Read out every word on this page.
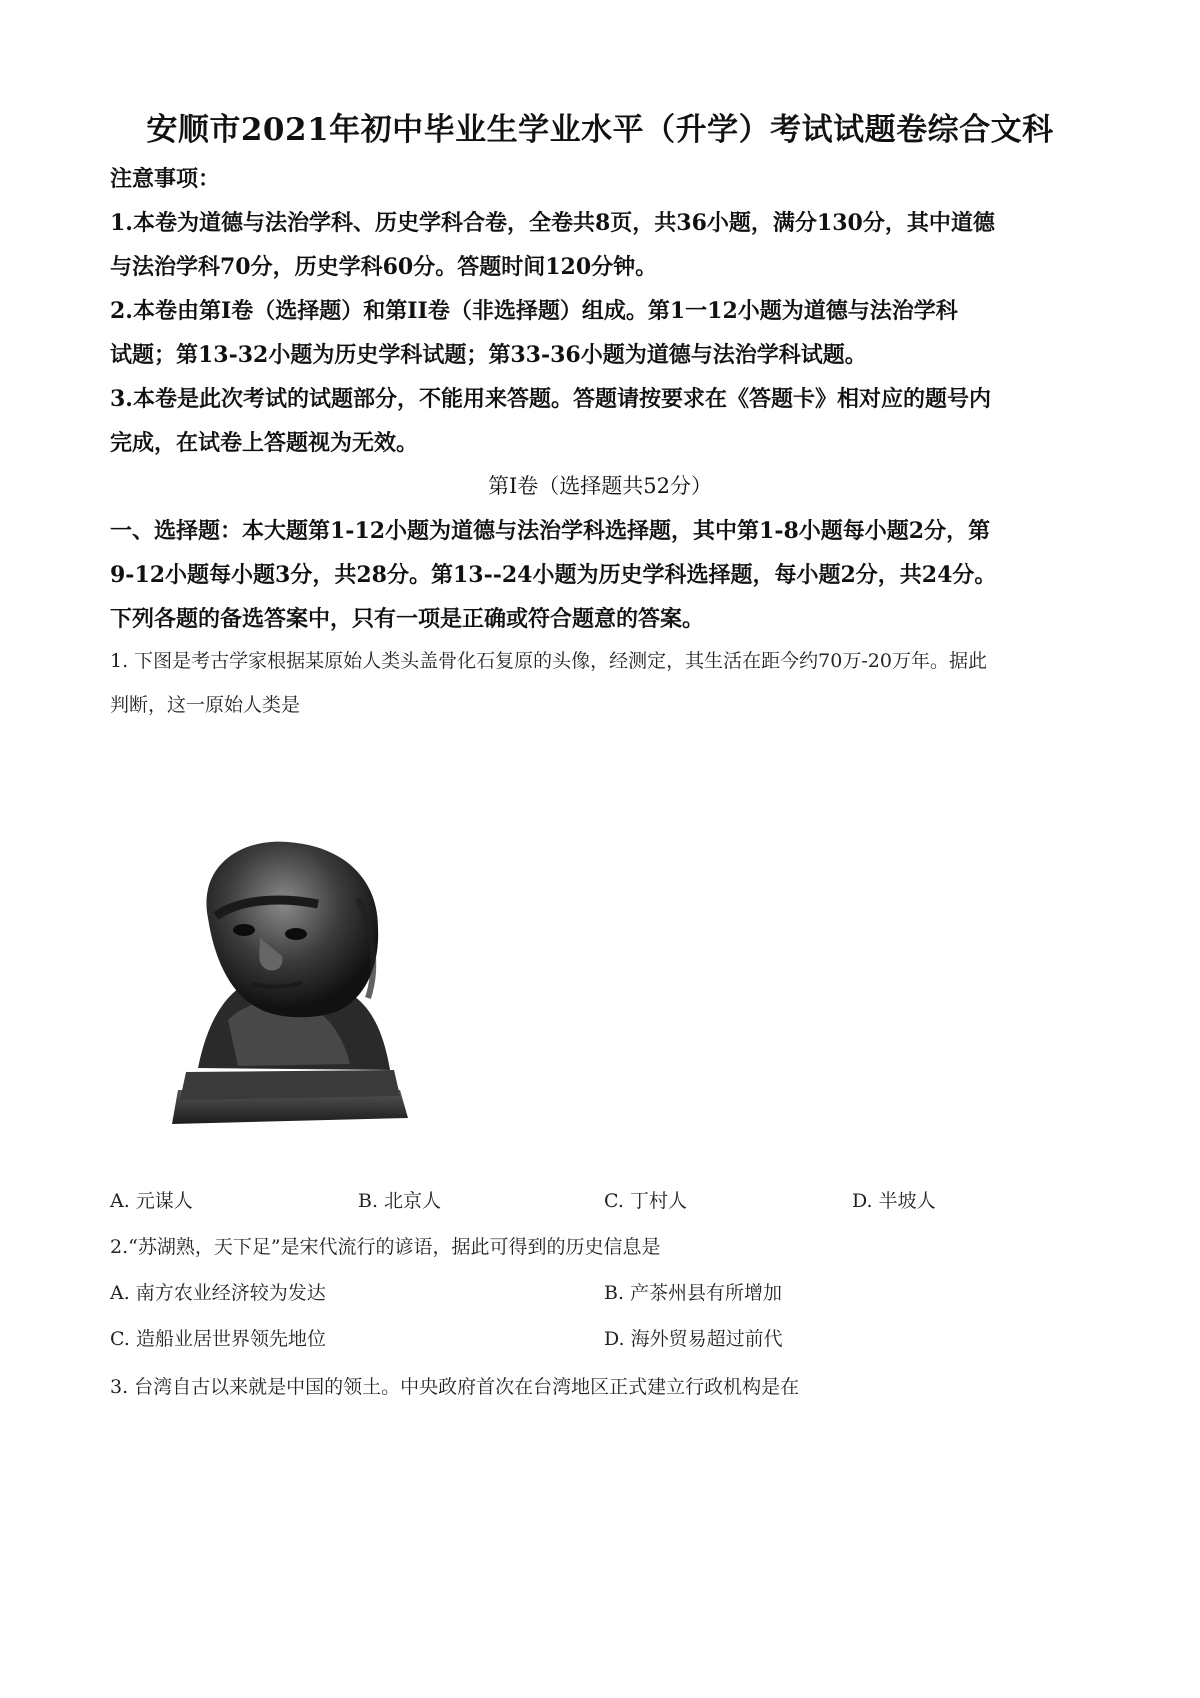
安顺市2021年初中毕业生学业水平（升学）考试试题卷综合文科
注意事项：
1.本卷为道德与法治学科、历史学科合卷，全卷共8页，共36小题，满分130分，其中道德
与法治学科70分，历史学科60分。答题时间120分钟。
2.本卷由第I卷（选择题）和第II卷（非选择题）组成。第1一12小题为道德与法治学科
试题；第13-32小题为历史学科试题；第33-36小题为道德与法治学科试题。
3.本卷是此次考试的试题部分，不能用来答题。答题请按要求在《答题卡》相对应的题号内
完成，在试卷上答题视为无效。
第I卷（选择题共52分）
一、选择题：本大题第1-12小题为道德与法治学科选择题，其中第1-8小题每小题2分，第
9-12小题每小题3分，共28分。第13--24小题为历史学科选择题，每小题2分，共24分。
下列各题的备选答案中，只有一项是正确或符合题意的答案。
1. 下图是考古学家根据某原始人类头盖骨化石复原的头像，经测定，其生活在距今约70万-20万年。据此
判断，这一原始人类是
A. 元谋人	B. 北京人	C. 丁村人	D. 半坡人
2.“苏湖熟，天下足”是宋代流行的谚语，据此可得到的历史信息是
A. 南方农业经济较为发达	B. 产茶州县有所增加
C. 造船业居世界领先地位	D. 海外贸易超过前代
3. 台湾自古以来就是中国的领土。中央政府首次在台湾地区正式建立行政机构是在
